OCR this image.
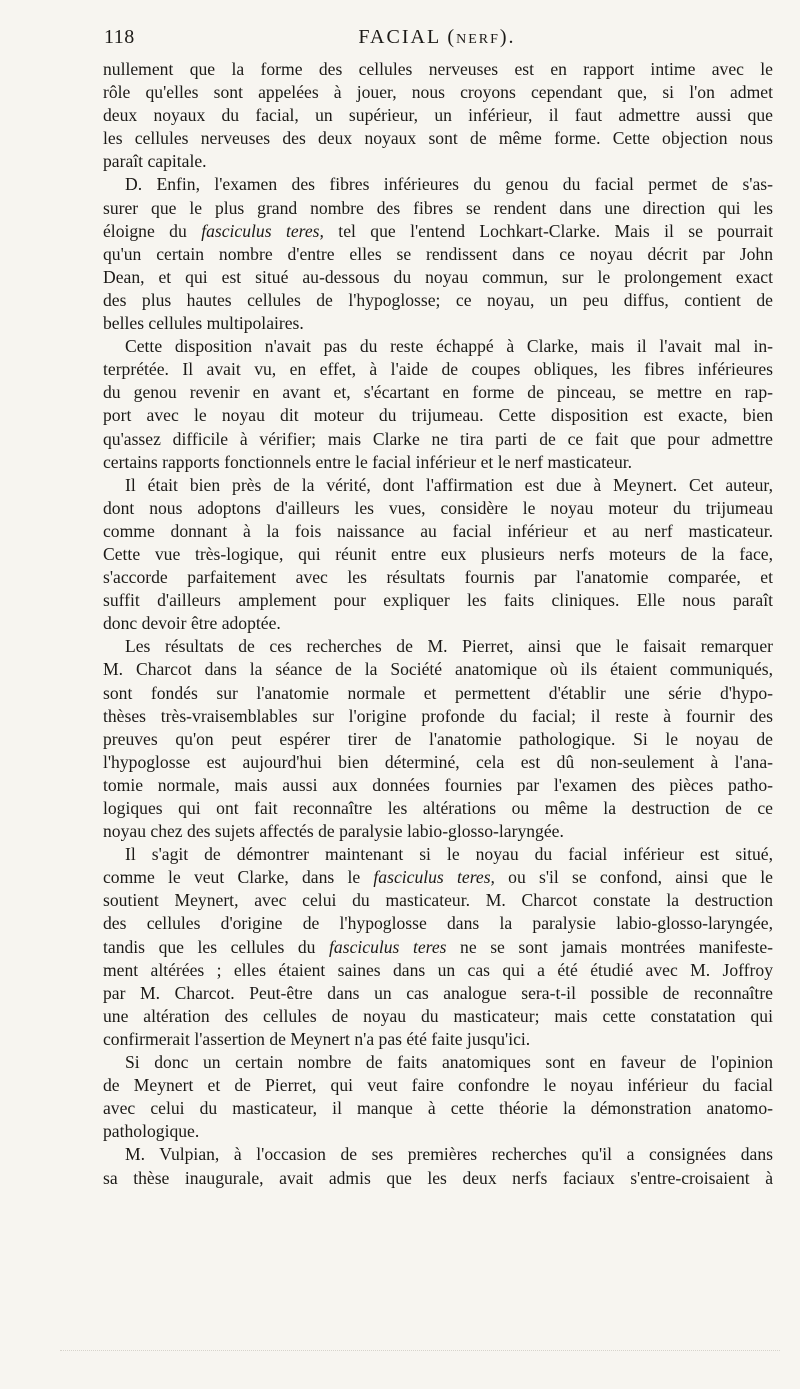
118	FACIAL (NERF).
nullement que la forme des cellules nerveuses est en rapport intime avec le
rôle qu'elles sont appelées à jouer, nous croyons cependant que, si l'on admet
deux noyaux du facial, un supérieur, un inférieur, il faut admettre aussi que
les cellules nerveuses des deux noyaux sont de même forme. Cette objection nous
paraît capitale.
D. Enfin, l'examen des fibres inférieures du genou du facial permet de s'as-
surer que le plus grand nombre des fibres se rendent dans une direction qui les
éloigne du fasciculus teres, tel que l'entend Lochkart-Clarke. Mais il se pourrait
qu'un certain nombre d'entre elles se rendissent dans ce noyau décrit par John
Dean, et qui est situé au-dessous du noyau commun, sur le prolongement exact
des plus hautes cellules de l'hypoglosse; ce noyau, un peu diffus, contient de
belles cellules multipolaires.
Cette disposition n'avait pas du reste échappé à Clarke, mais il l'avait mal in-
terprétée. Il avait vu, en effet, à l'aide de coupes obliques, les fibres inférieures
du genou revenir en avant et, s'écartant en forme de pinceau, se mettre en rap-
port avec le noyau dit moteur du trijumeau. Cette disposition est exacte, bien
qu'assez difficile à vérifier; mais Clarke ne tira parti de ce fait que pour admettre
certains rapports fonctionnels entre le facial inférieur et le nerf masticateur.
Il était bien près de la vérité, dont l'affirmation est due à Meynert. Cet auteur,
dont nous adoptons d'ailleurs les vues, considère le noyau moteur du trijumeau
comme donnant à la fois naissance au facial inférieur et au nerf masticateur.
Cette vue très-logique, qui réunit entre eux plusieurs nerfs moteurs de la face,
s'accorde parfaitement avec les résultats fournis par l'anatomie comparée, et
suffit d'ailleurs amplement pour expliquer les faits cliniques. Elle nous paraît
donc devoir être adoptée.
Les résultats de ces recherches de M. Pierret, ainsi que le faisait remarquer
M. Charcot dans la séance de la Société anatomique où ils étaient communiqués,
sont fondés sur l'anatomie normale et permettent d'établir une série d'hypo-
thèses très-vraisemblables sur l'origine profonde du facial; il reste à fournir des
preuves qu'on peut espérer tirer de l'anatomie pathologique. Si le noyau de
l'hypoglosse est aujourd'hui bien déterminé, cela est dû non-seulement à l'ana-
tomie normale, mais aussi aux données fournies par l'examen des pièces patho-
logiques qui ont fait reconnaître les altérations ou même la destruction de ce
noyau chez des sujets affectés de paralysie labio-glosso-laryngée.
Il s'agit de démontrer maintenant si le noyau du facial inférieur est situé,
comme le veut Clarke, dans le fasciculus teres, ou s'il se confond, ainsi que le
soutient Meynert, avec celui du masticateur. M. Charcot constate la destruction
des cellules d'origine de l'hypoglosse dans la paralysie labio-glosso-laryngée,
tandis que les cellules du fasciculus teres ne se sont jamais montrées manifeste-
ment altérées ; elles étaient saines dans un cas qui a été étudié avec M. Joffroy
par M. Charcot. Peut-être dans un cas analogue sera-t-il possible de reconnaître
une altération des cellules de noyau du masticateur; mais cette constatation qui
confirmerait l'assertion de Meynert n'a pas été faite jusqu'ici.
Si donc un certain nombre de faits anatomiques sont en faveur de l'opinion
de Meynert et de Pierret, qui veut faire confondre le noyau inférieur du facial
avec celui du masticateur, il manque à cette théorie la démonstration anatomo-
pathologique.
M. Vulpian, à l'occasion de ses premières recherches qu'il a consignées dans
sa thèse inaugurale, avait admis que les deux nerfs faciaux s'entre-croisaient à
